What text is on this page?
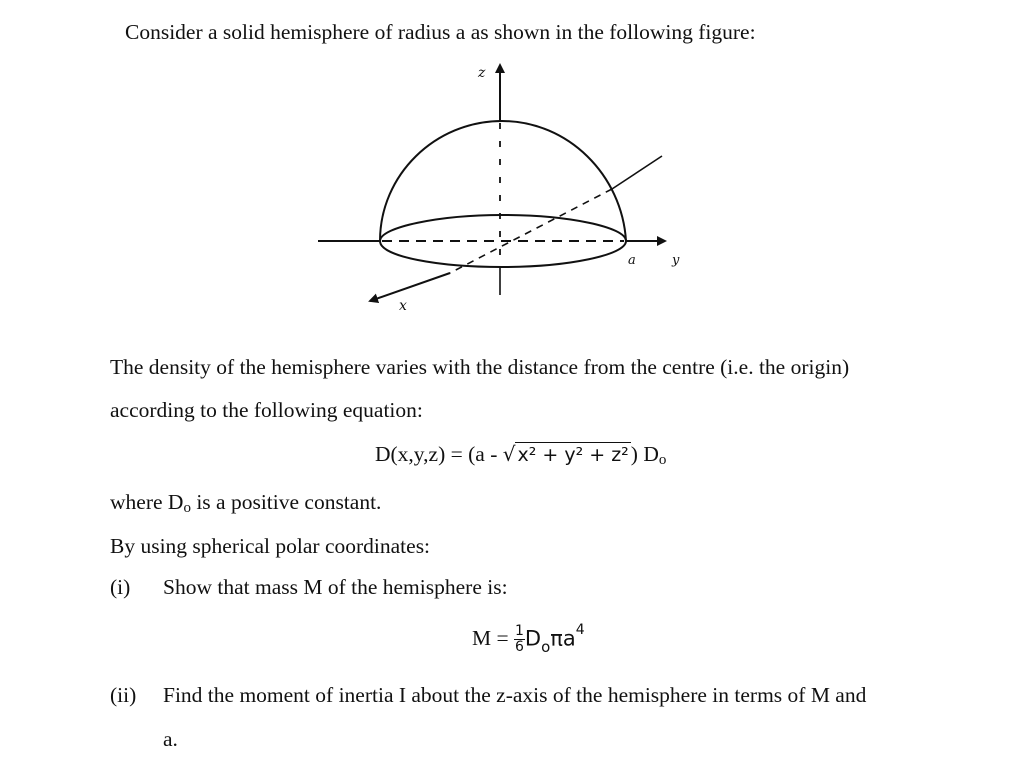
Consider a solid hemisphere of radius a as shown in the following figure:
z
x
a	y
The density of the hemisphere varies with the distance from the centre (i.e. the origin)
according to the following equation:
D(x,y,z) = (a - √ x² + y² + z²) $D_o$
where $D_o$ is a positive constant.
By using spherical polar coordinates:
(i) Show that mass M of the hemisphere is:
$M = \frac{1}{6} D_o\pi a^4$
(ii) Find the moment of inertia I about the z-axis of the hemisphere in terms of M and
a.
